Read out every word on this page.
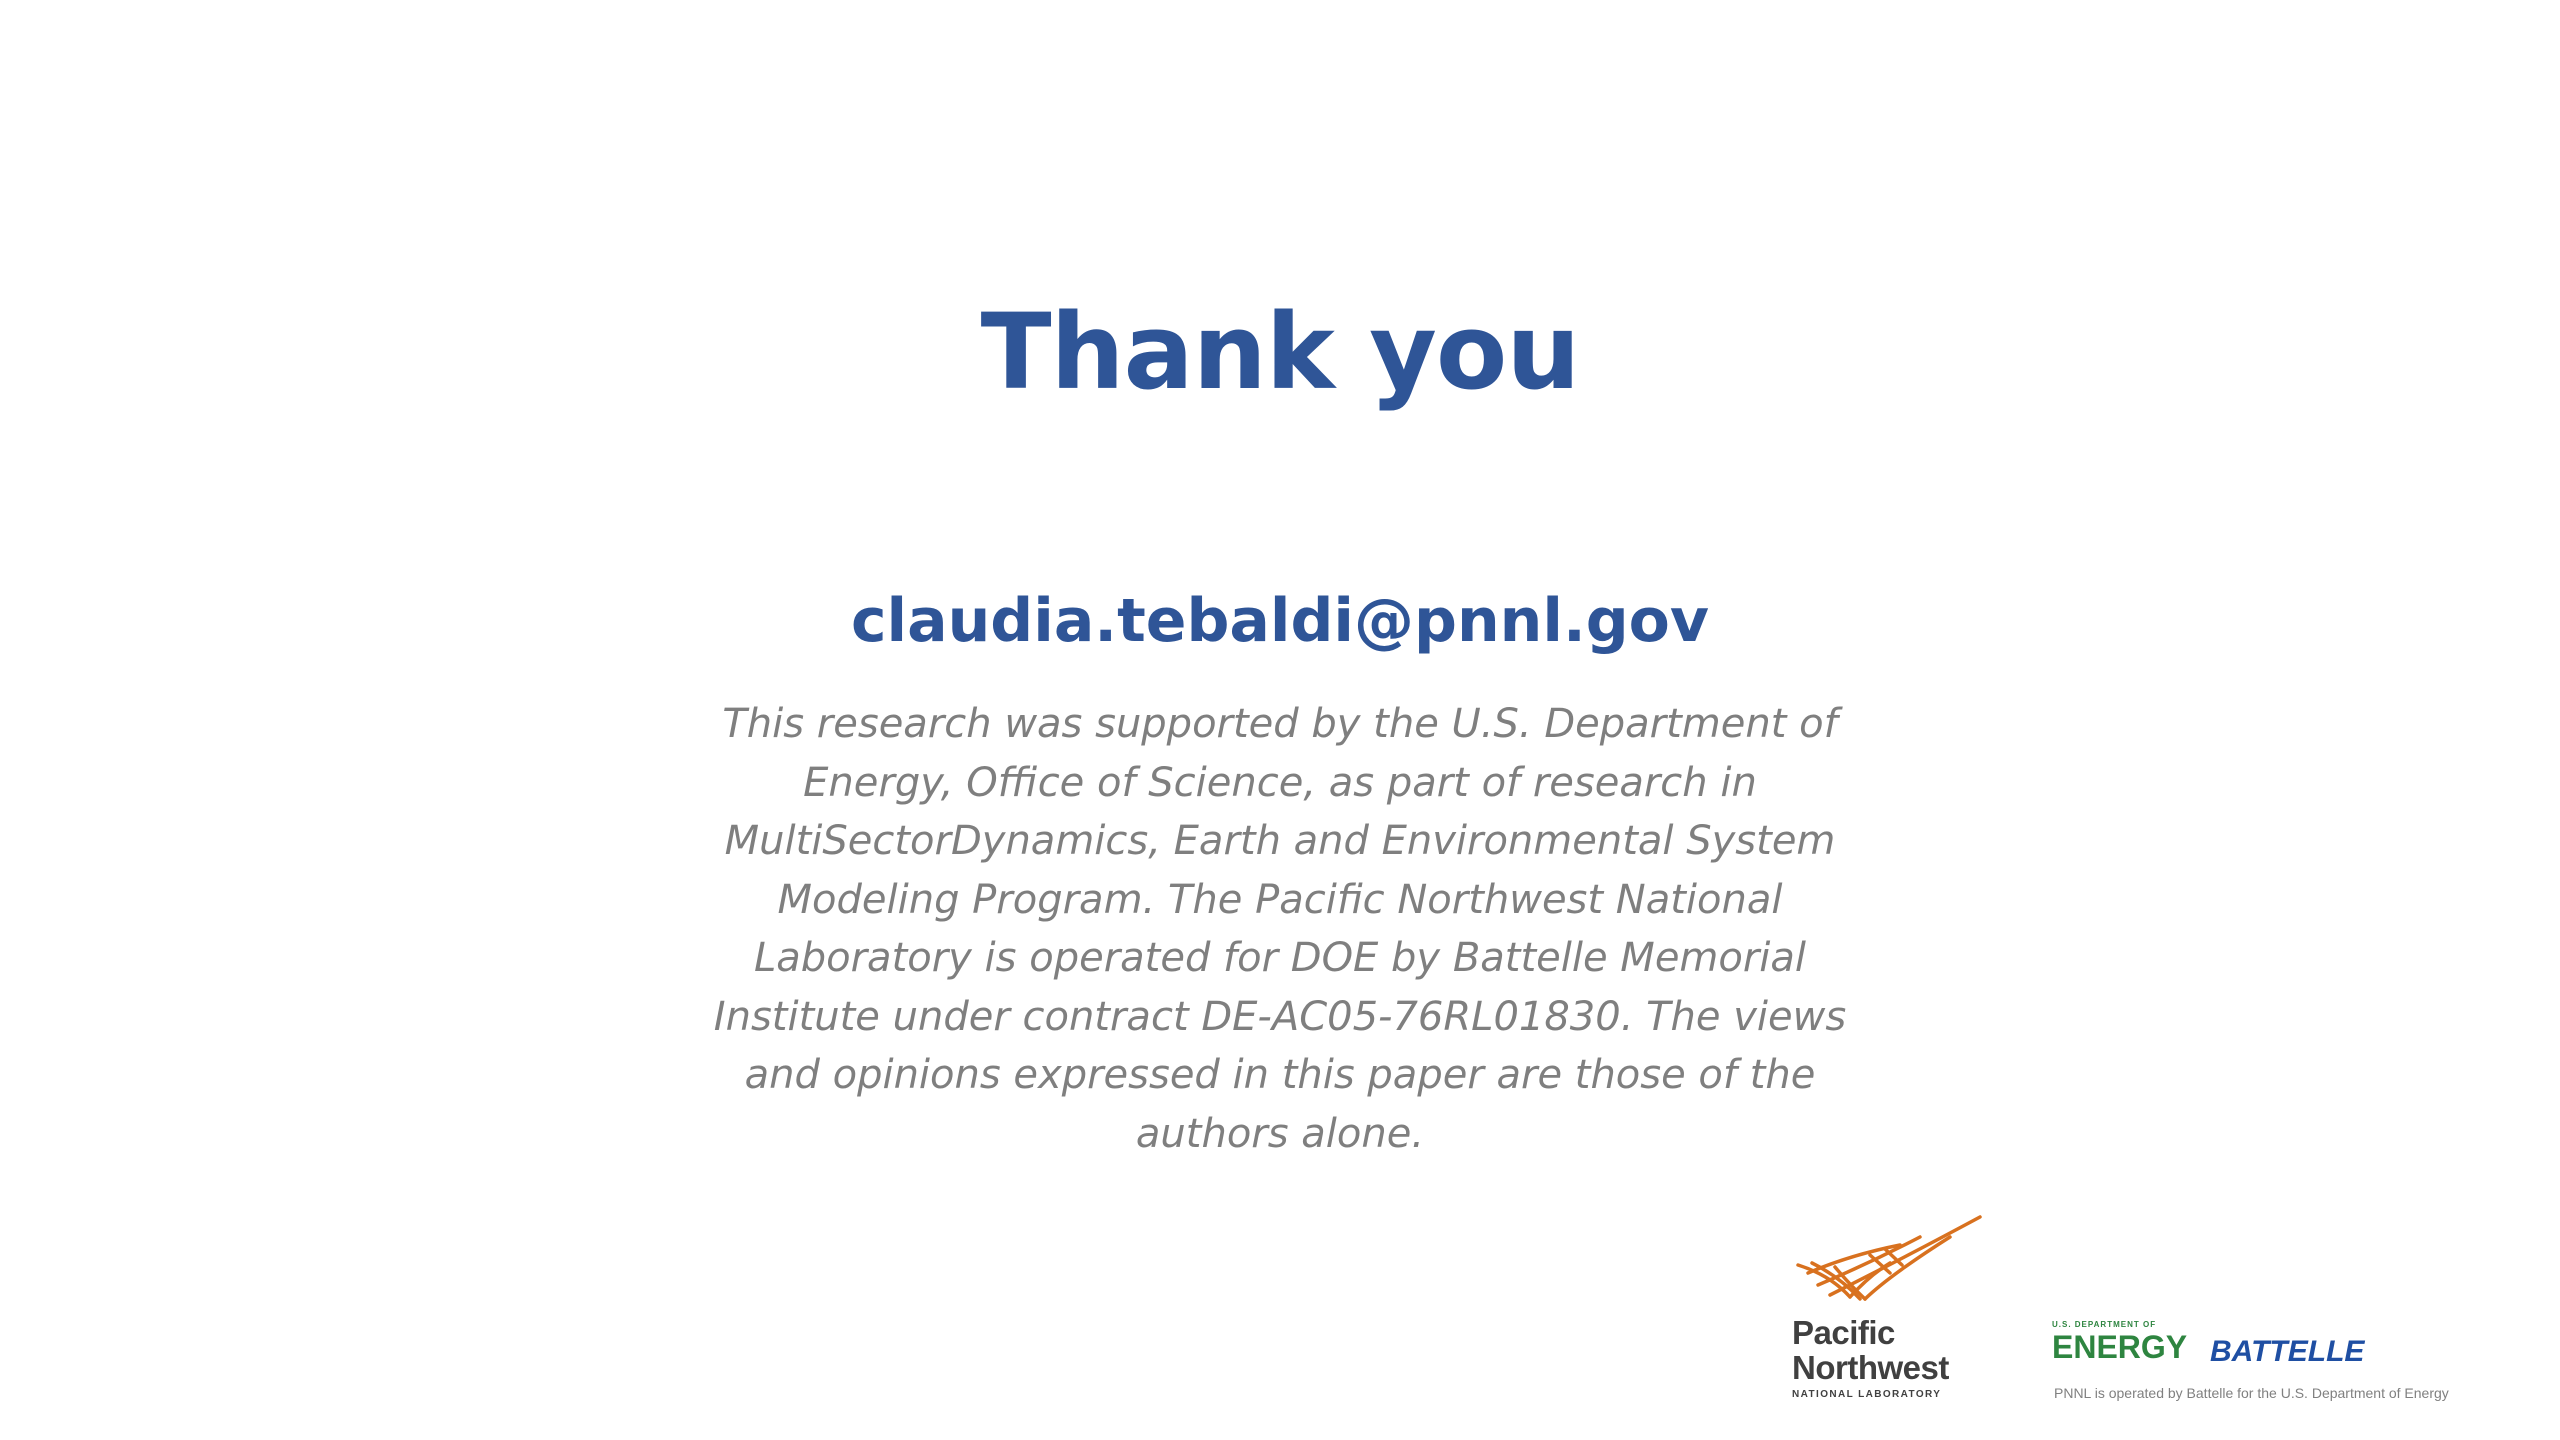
Thank you

claudia.tebaldi@pnnl.gov

This research was supported by the U.S. Department of Energy, Office of Science, as part of research in MultiSectorDynamics, Earth and Environmental System Modeling Program. The Pacific Northwest National Laboratory is operated for DOE by Battelle Memorial Institute under contract DE-AC05-76RL01830. The views and opinions expressed in this paper are those of the authors alone.

Pacific
Northwest
NATIONAL LABORATORY
U.S. DEPARTMENT OF
ENERGY BATTELLE
PNNL is operated by Battelle for the U.S. Department of Energy
